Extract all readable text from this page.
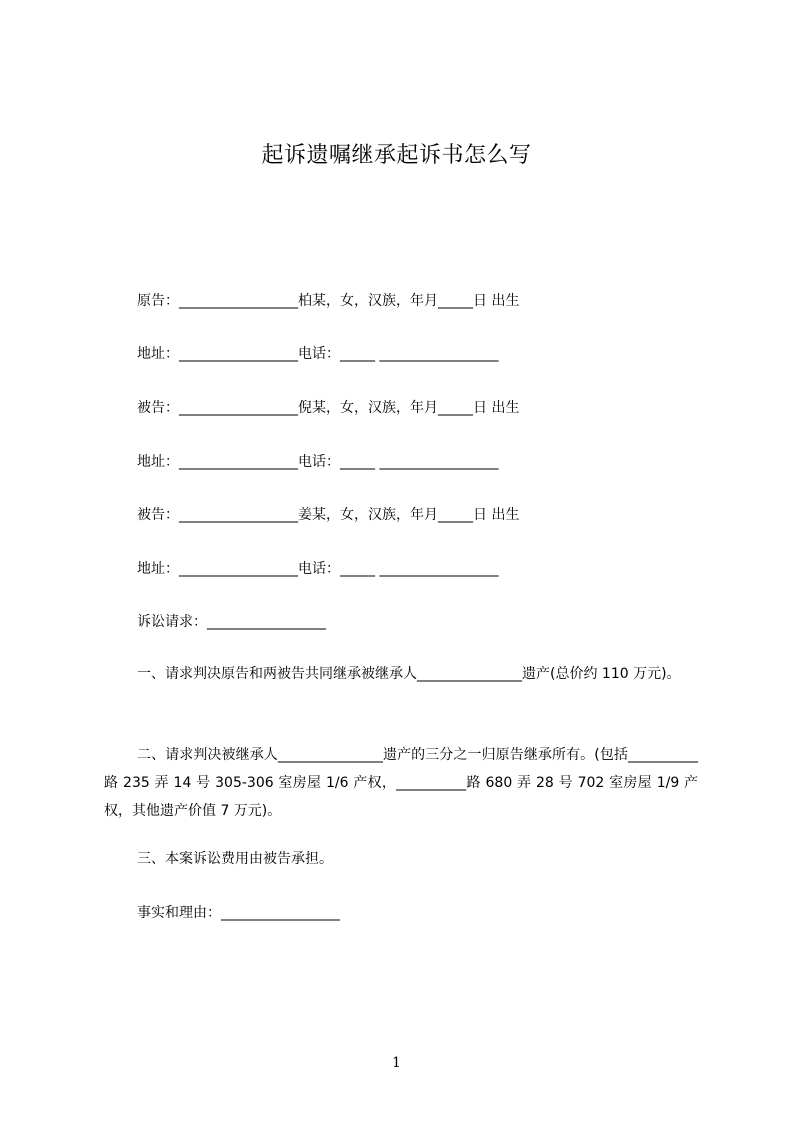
起诉遗嘱继承起诉书怎么写
原告：_________________柏某，女，汉族，年月_____日 出生
地址：_________________电话：_____ _________________
被告：_________________倪某，女，汉族，年月_____日 出生
地址：_________________电话：_____ _________________
被告：_________________姜某，女，汉族，年月_____日 出生
地址：_________________电话：_____ _________________
诉讼请求：_________________
一、请求判决原告和两被告共同继承被继承人_______________遗产(总价约 110 万元)。
二、请求判决被继承人_______________遗产的三分之一归原告继承所有。(包括__________路 235 弄 14 号 305-306 室房屋 1/6 产权，__________路 680 弄 28 号 702 室房屋 1/9 产权，其他遗产价值 7 万元)。
三、本案诉讼费用由被告承担。
事实和理由：_________________
1
